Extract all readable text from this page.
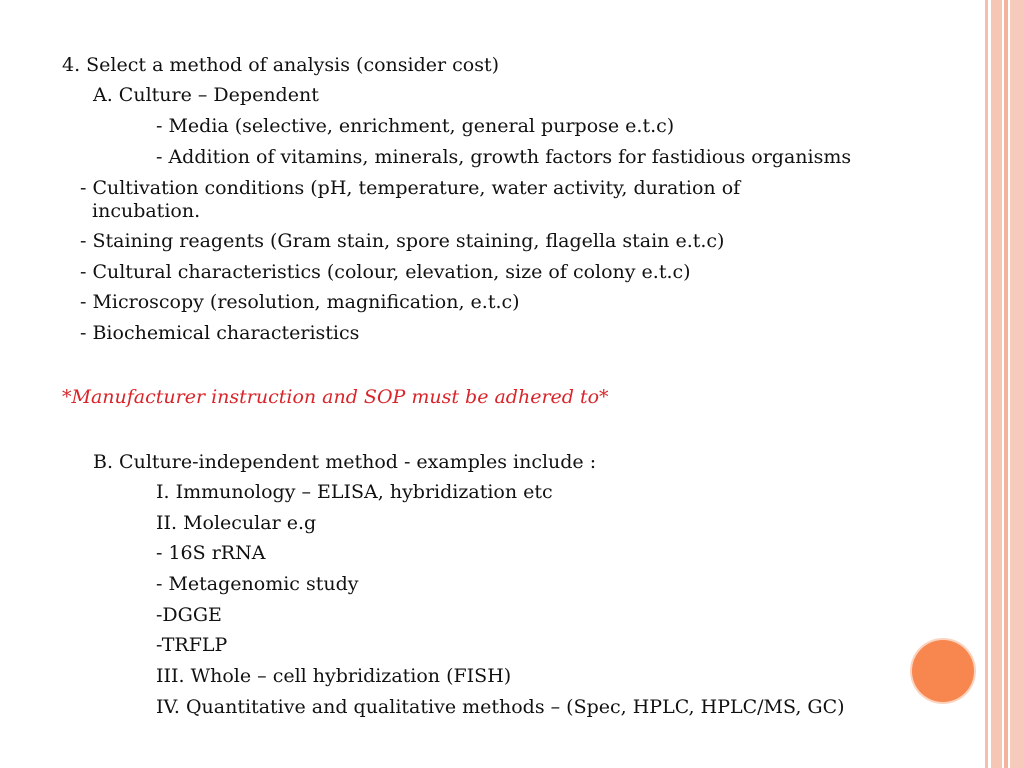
4. Select a method of analysis (consider cost)

A. Culture – Dependent

- Media (selective, enrichment, general purpose e.t.c)

- Addition of vitamins, minerals, growth factors for fastidious organisms

- Cultivation conditions (pH, temperature, water activity, duration of

incubation.

- Staining reagents (Gram stain, spore staining, flagella stain e.t.c)

- Cultural characteristics (colour, elevation, size of colony e.t.c)

- Microscopy (resolution, magnification, e.t.c)

- Biochemical characteristics

*Manufacturer instruction and SOP must be adhered to*

B. Culture-independent method - examples include :

I. Immunology – ELISA, hybridization etc

II. Molecular e.g

- 16S rRNA

- Metagenomic study

-DGGE

-TRFLP

III. Whole – cell hybridization (FISH)

IV. Quantitative and qualitative methods – (Spec, HPLC, HPLC/MS, GC)
